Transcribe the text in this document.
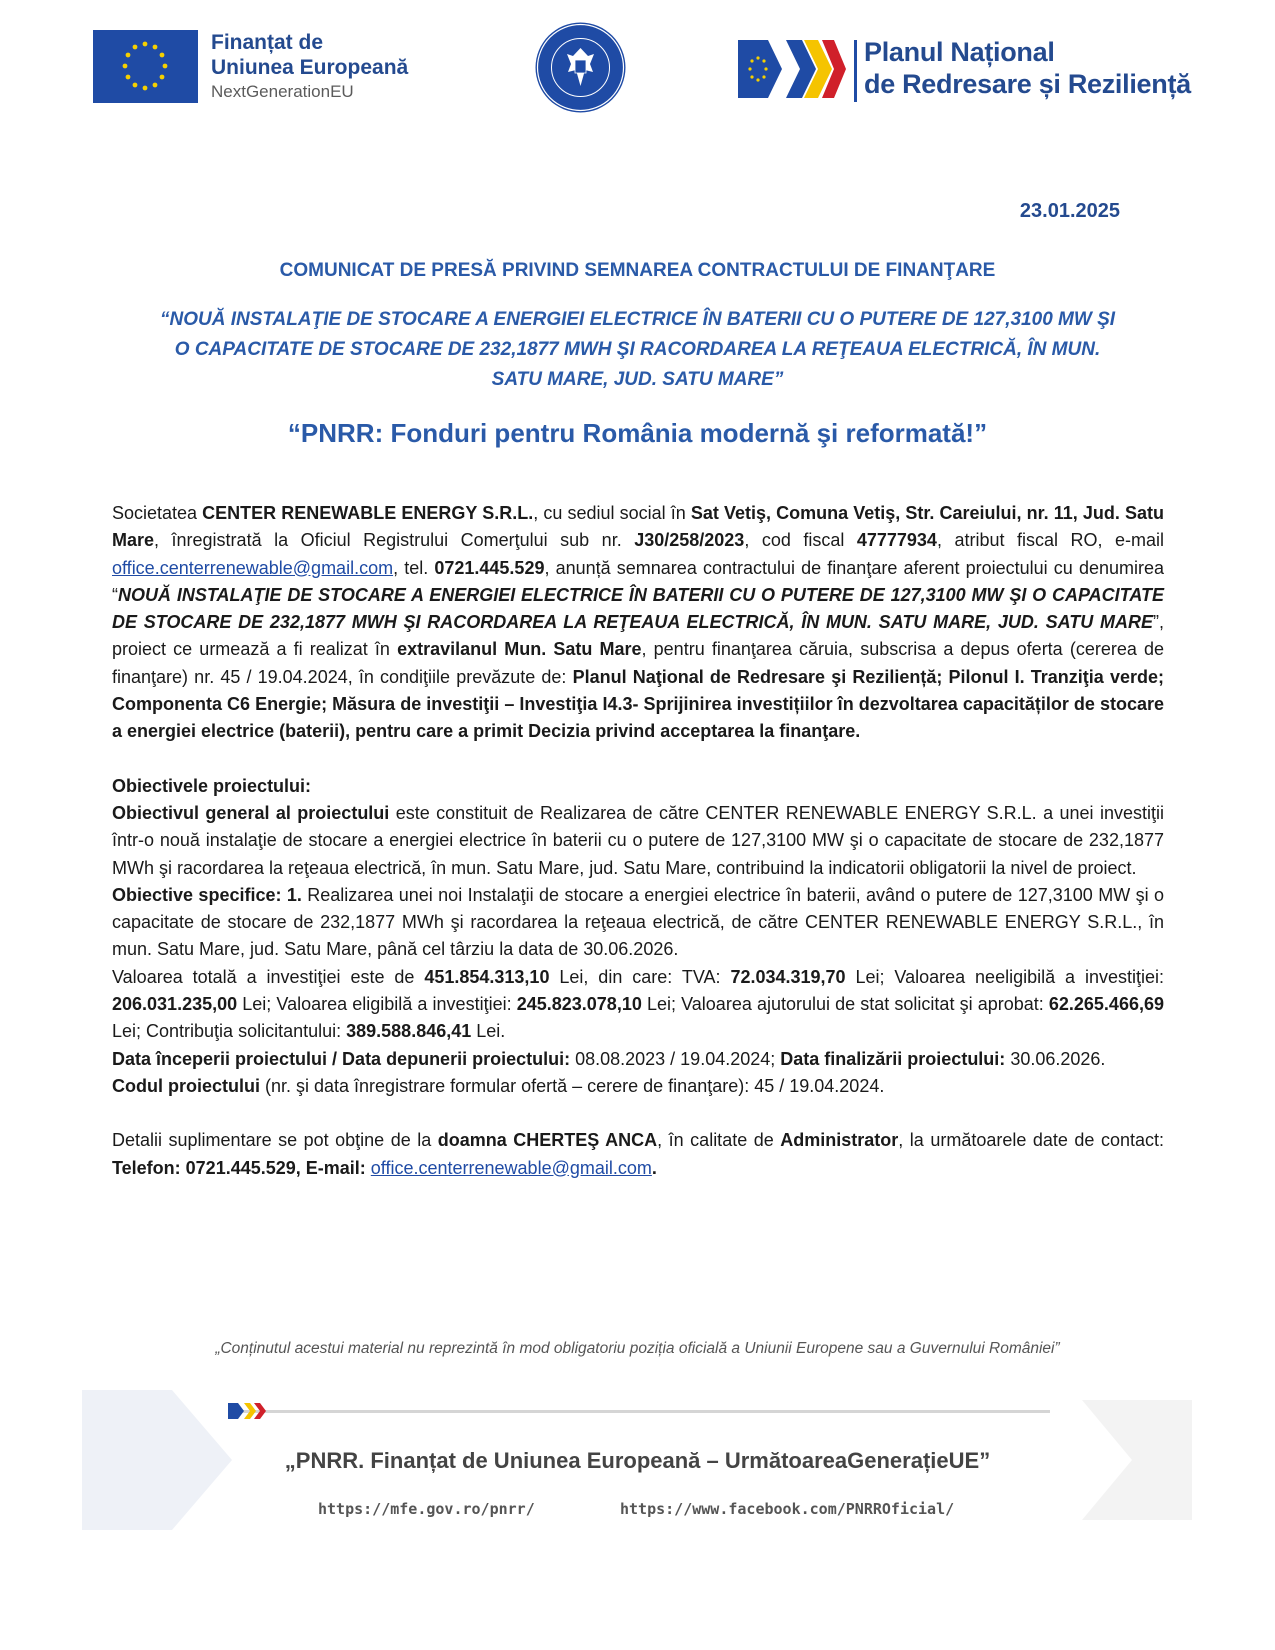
Finanțat de
Uniunea Europeană
NextGenerationEU
Planul Național
de Redresare și Reziliență
23.01.2025
COMUNICAT DE PRESĂ PRIVIND SEMNAREA CONTRACTULUI DE FINANŢARE
“NOUĂ INSTALAŢIE DE STOCARE A ENERGIEI ELECTRICE ÎN BATERII CU O PUTERE DE 127,3100 MW ŞI O CAPACITATE DE STOCARE DE 232,1877 MWH ŞI RACORDAREA LA REŢEAUA ELECTRICĂ, ÎN MUN. SATU MARE, JUD. SATU MARE”
“PNRR: Fonduri pentru România modernă şi reformată!”

Societatea CENTER RENEWABLE ENERGY S.R.L., cu sediul social în Sat Vetiş, Comuna Vetiş, Str. Careiului, nr. 11, Jud. Satu Mare, înregistrată la Oficiul Registrului Comerţului sub nr. J30/258/2023, cod fiscal 47777934, atribut fiscal RO, e-mail office.centerrenewable@gmail.com, tel. 0721.445.529, anunță semnarea contractului de finanţare aferent proiectului cu denumirea “NOUĂ INSTALAŢIE DE STOCARE A ENERGIEI ELECTRICE ÎN BATERII CU O PUTERE DE 127,3100 MW ŞI O CAPACITATE DE STOCARE DE 232,1877 MWH ŞI RACORDAREA LA REŢEAUA ELECTRICĂ, ÎN MUN. SATU MARE, JUD. SATU MARE”, proiect ce urmează a fi realizat în extravilanul Mun. Satu Mare, pentru finanţarea căruia, subscrisa a depus oferta (cererea de finanţare) nr. 45 / 19.04.2024, în condiţiile prevăzute de: Planul Naţional de Redresare şi Reziliență; Pilonul I. Tranziţia verde; Componenta C6 Energie; Măsura de investiţii – Investiţia I4.3- Sprijinirea investițiilor în dezvoltarea capacităților de stocare a energiei electrice (baterii), pentru care a primit Decizia privind acceptarea la finanţare.

Obiectivele proiectului:

Obiectivul general al proiectului este constituit de Realizarea de către CENTER RENEWABLE ENERGY S.R.L. a unei investiţii într-o nouă instalaţie de stocare a energiei electrice în baterii cu o putere de 127,3100 MW şi o capacitate de stocare de 232,1877 MWh şi racordarea la reţeaua electrică, în mun. Satu Mare, jud. Satu Mare, contribuind la indicatorii obligatorii la nivel de proiect.

Obiective specifice: 1. Realizarea unei noi Instalaţii de stocare a energiei electrice în baterii, având o putere de 127,3100 MW şi o capacitate de stocare de 232,1877 MWh şi racordarea la reţeaua electrică, de către CENTER RENEWABLE ENERGY S.R.L., în mun. Satu Mare, jud. Satu Mare, până cel târziu la data de 30.06.2026.

Valoarea totală a investiţiei este de 451.854.313,10 Lei, din care: TVA: 72.034.319,70 Lei; Valoarea neeligibilă a investiţiei: 206.031.235,00 Lei; Valoarea eligibilă a investiţiei: 245.823.078,10 Lei; Valoarea ajutorului de stat solicitat şi aprobat: 62.265.466,69 Lei; Contribuţia solicitantului: 389.588.846,41 Lei.

Data începerii proiectului / Data depunerii proiectului: 08.08.2023 / 19.04.2024; Data finalizării proiectului: 30.06.2026.

Codul proiectului (nr. şi data înregistrare formular ofertă – cerere de finanţare): 45 / 19.04.2024.

Detalii suplimentare se pot obţine de la doamna CHERTEŞ ANCA, în calitate de Administrator, la următoarele date de contact: Telefon: 0721.445.529, E-mail: office.centerrenewable@gmail.com.

„Conținutul acestui material nu reprezintă în mod obligatoriu poziția oficială a Uniunii Europene sau a Guvernului României”
„PNRR. Finanțat de Uniunea Europeană – UrmătoareaGenerațieUE”
https://mfe.gov.ro/pnrr/	https://www.facebook.com/PNRROficial/
